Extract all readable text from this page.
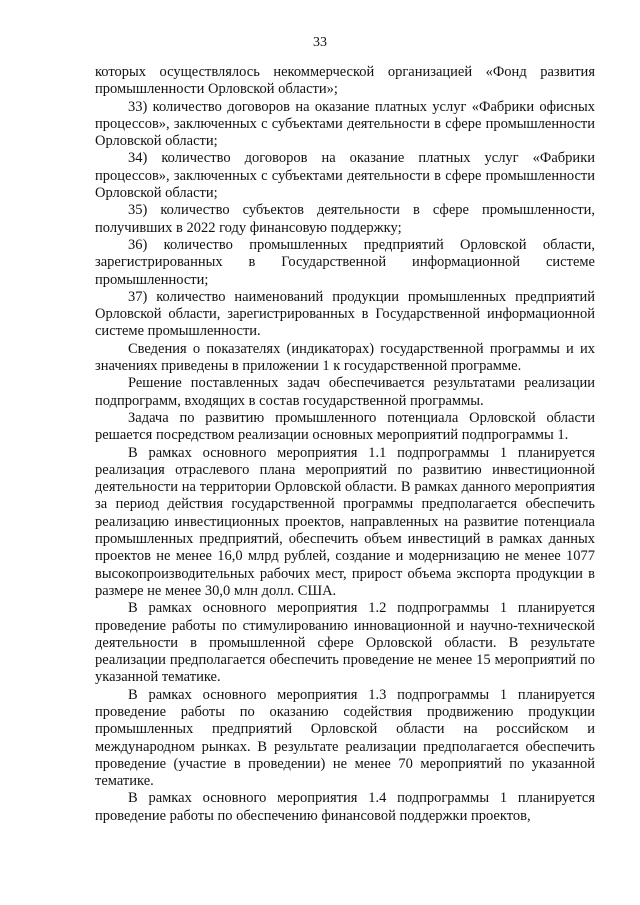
33

которых осуществлялось некоммерческой организацией «Фонд развития промышленности Орловской области»;

33) количество договоров на оказание платных услуг «Фабрики офисных процессов», заключенных с субъектами деятельности в сфере промышленности Орловской области;

34) количество договоров на оказание платных услуг «Фабрики процессов», заключенных с субъектами деятельности в сфере промышленности Орловской области;

35) количество субъектов деятельности в сфере промышленности, получивших в 2022 году финансовую поддержку;

36) количество промышленных предприятий Орловской области, зарегистрированных в Государственной информационной системе промышленности;

37) количество наименований продукции промышленных предприятий Орловской области, зарегистрированных в Государственной информационной системе промышленности.

Сведения о показателях (индикаторах) государственной программы и их значениях приведены в приложении 1 к государственной программе.

Решение поставленных задач обеспечивается результатами реализации подпрограмм, входящих в состав государственной программы.

Задача по развитию промышленного потенциала Орловской области решается посредством реализации основных мероприятий подпрограммы 1.

В рамках основного мероприятия 1.1 подпрограммы 1 планируется реализация отраслевого плана мероприятий по развитию инвестиционной деятельности на территории Орловской области. В рамках данного мероприятия за период действия государственной программы предполагается обеспечить реализацию инвестиционных проектов, направленных на развитие потенциала промышленных предприятий, обеспечить объем инвестиций в рамках данных проектов не менее 16,0 млрд рублей, создание и модернизацию не менее 1077 высокопроизводительных рабочих мест, прирост объема экспорта продукции в размере не менее 30,0 млн долл. США.

В рамках основного мероприятия 1.2 подпрограммы 1 планируется проведение работы по стимулированию инновационной и научно-технической деятельности в промышленной сфере Орловской области. В результате реализации предполагается обеспечить проведение не менее 15 мероприятий по указанной тематике.

В рамках основного мероприятия 1.3 подпрограммы 1 планируется проведение работы по оказанию содействия продвижению продукции промышленных предприятий Орловской области на российском и международном рынках. В результате реализации предполагается обеспечить проведение (участие в проведении) не менее 70 мероприятий по указанной тематике.

В рамках основного мероприятия 1.4 подпрограммы 1 планируется проведение работы по обеспечению финансовой поддержки проектов,
